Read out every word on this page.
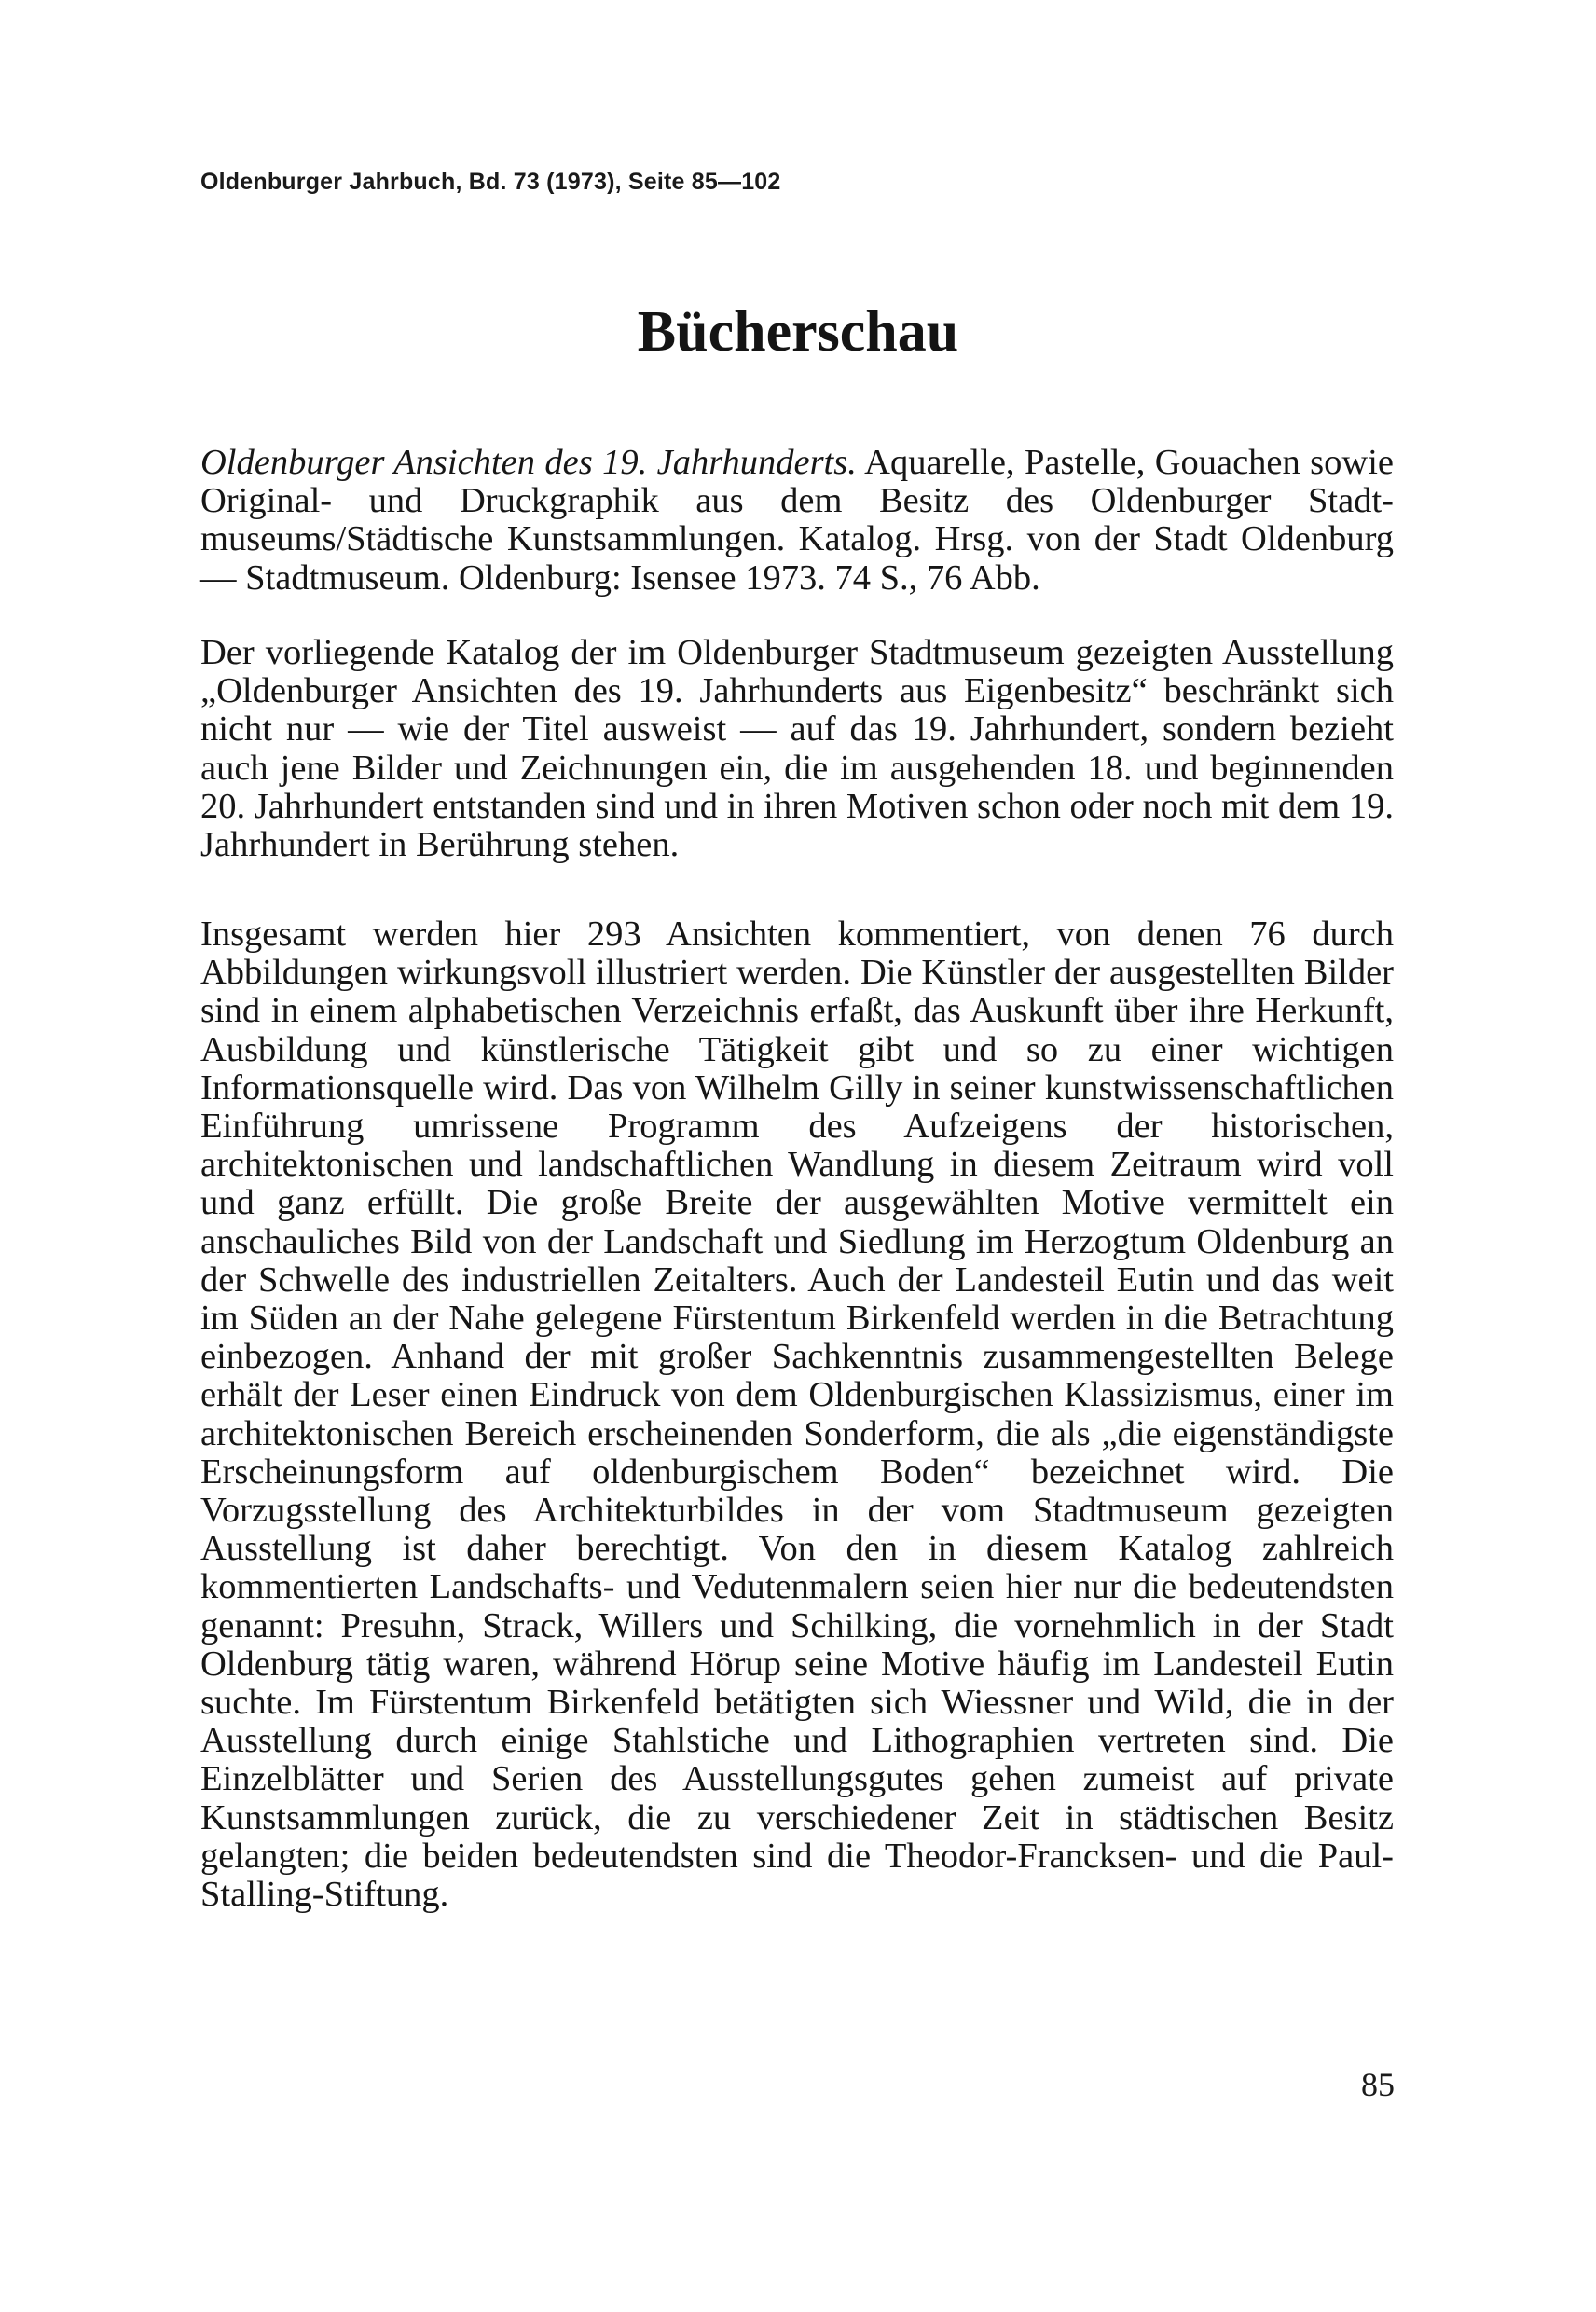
Oldenburger Jahrbuch, Bd. 73 (1973), Seite 85—102
Bücherschau

Oldenburger Ansichten des 19. Jahrhunderts. Aquarelle, Pastelle, Gouachen sowie Original- und Druckgraphik aus dem Besitz des Oldenburger Stadtmuseums/Städtische Kunstsammlungen. Katalog. Hrsg. von der Stadt Oldenburg — Stadtmuseum. Oldenburg: Isensee 1973. 74 S., 76 Abb.

Der vorliegende Katalog der im Oldenburger Stadtmuseum gezeigten Ausstellung „Oldenburger Ansichten des 19. Jahrhunderts aus Eigenbesitz“ beschränkt sich nicht nur — wie der Titel ausweist — auf das 19. Jahrhundert, sondern bezieht auch jene Bilder und Zeichnungen ein, die im ausgehenden 18. und beginnenden 20. Jahrhundert entstanden sind und in ihren Motiven schon oder noch mit dem 19. Jahrhundert in Berührung stehen.

Insgesamt werden hier 293 Ansichten kommentiert, von denen 76 durch Abbildungen wirkungsvoll illustriert werden. Die Künstler der ausgestellten Bilder sind in einem alphabetischen Verzeichnis erfaßt, das Auskunft über ihre Herkunft, Ausbildung und künstlerische Tätigkeit gibt und so zu einer wichtigen Informationsquelle wird. Das von Wilhelm Gilly in seiner kunstwissenschaftlichen Einführung umrissene Programm des Aufzeigens der historischen, architektonischen und landschaftlichen Wandlung in diesem Zeitraum wird voll und ganz erfüllt. Die große Breite der ausgewählten Motive vermittelt ein anschauliches Bild von der Landschaft und Siedlung im Herzogtum Oldenburg an der Schwelle des industriellen Zeitalters. Auch der Landesteil Eutin und das weit im Süden an der Nahe gelegene Fürstentum Birkenfeld werden in die Betrachtung einbezogen. Anhand der mit großer Sachkenntnis zusammengestellten Belege erhält der Leser einen Eindruck von dem Oldenburgischen Klassizismus, einer im architektonischen Bereich erscheinenden Sonderform, die als „die eigenständigste Erscheinungsform auf oldenburgischem Boden“ bezeichnet wird. Die Vorzugsstellung des Architekturbildes in der vom Stadtmuseum gezeigten Ausstellung ist daher berechtigt. Von den in diesem Katalog zahlreich kommentierten Landschafts- und Vedutenmalern seien hier nur die bedeutendsten genannt: Presuhn, Strack, Willers und Schilking, die vornehmlich in der Stadt Oldenburg tätig waren, während Hörup seine Motive häufig im Landesteil Eutin suchte. Im Fürstentum Birkenfeld betätigten sich Wiessner und Wild, die in der Ausstellung durch einige Stahlstiche und Lithographien vertreten sind. Die Einzelblätter und Serien des Ausstellungsgutes gehen zumeist auf private Kunstsammlungen zurück, die zu verschiedener Zeit in städtischen Besitz gelangten; die beiden bedeutendsten sind die Theodor-Francksen- und die Paul-Stalling-Stiftung.

85
